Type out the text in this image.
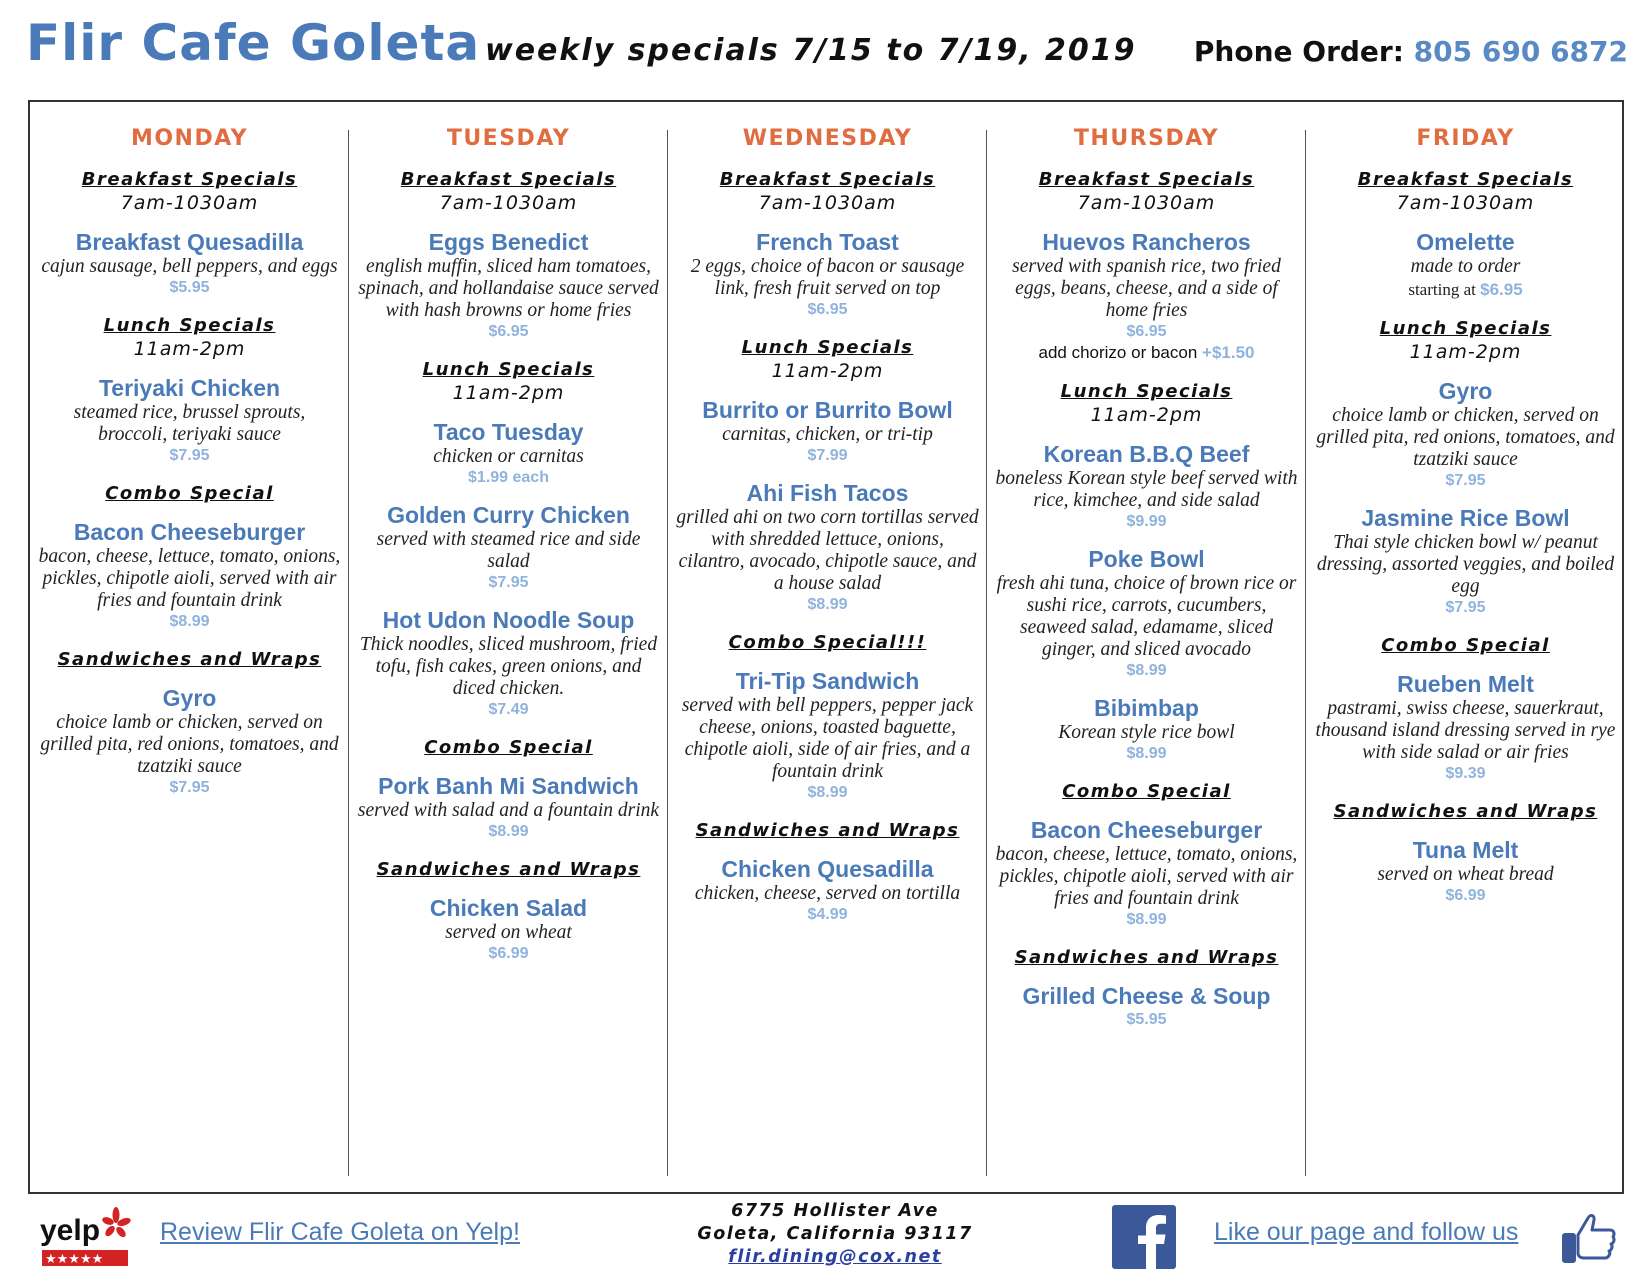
Flir Cafe Goleta weekly specials 7/15 to 7/19, 2019 Phone Order: 805 690 6872
MONDAY
Breakfast Specials
7am-1030am
Breakfast Quesadilla
cajun sausage, bell peppers, and eggs
$5.95
Lunch Specials
11am-2pm
Teriyaki Chicken
steamed rice, brussel sprouts, broccoli, teriyaki sauce
$7.95
Combo Special
Bacon Cheeseburger
bacon, cheese, lettuce, tomato, onions, pickles, chipotle aioli, served with air fries and fountain drink
$8.99
Sandwiches and Wraps
Gyro
choice lamb or chicken, served on grilled pita, red onions, tomatoes, and tzatziki sauce
$7.95
TUESDAY
Breakfast Specials
7am-1030am
Eggs Benedict
english muffin, sliced ham tomatoes, spinach, and hollandaise sauce served with hash browns or home fries
$6.95
Lunch Specials
11am-2pm
Taco Tuesday
chicken or carnitas
$1.99 each
Golden Curry Chicken
served with steamed rice and side salad
$7.95
Hot Udon Noodle Soup
Thick noodles, sliced mushroom, fried tofu, fish cakes, green onions, and diced chicken.
$7.49
Combo Special
Pork Banh Mi Sandwich
served with salad and a fountain drink
$8.99
Sandwiches and Wraps
Chicken Salad
served on wheat
$6.99
WEDNESDAY
Breakfast Specials
7am-1030am
French Toast
2 eggs, choice of bacon or sausage link, fresh fruit served on top
$6.95
Lunch Specials
11am-2pm
Burrito or Burrito Bowl
carnitas, chicken, or tri-tip
$7.99
Ahi Fish Tacos
grilled ahi on two corn tortillas served with shredded lettuce, onions, cilantro, avocado, chipotle sauce, and a house salad
$8.99
Combo Special!!!
Tri-Tip Sandwich
served with bell peppers, pepper jack cheese, onions, toasted baguette, chipotle aioli, side of air fries, and a fountain drink
$8.99
Sandwiches and Wraps
Chicken Quesadilla
chicken, cheese, served on tortilla
$4.99
THURSDAY
Breakfast Specials
7am-1030am
Huevos Rancheros
served with spanish rice, two fried eggs, beans, cheese, and a side of home fries
$6.95
add chorizo or bacon +$1.50
Lunch Specials
11am-2pm
Korean B.B.Q Beef
boneless Korean style beef served with rice, kimchee, and side salad
$9.99
Poke Bowl
fresh ahi tuna, choice of brown rice or sushi rice, carrots, cucumbers, seaweed salad, edamame, sliced ginger, and sliced avocado
$8.99
Bibimbap
Korean style rice bowl
$8.99
Combo Special
Bacon Cheeseburger
bacon, cheese, lettuce, tomato, onions, pickles, chipotle aioli, served with air fries and fountain drink
$8.99
Sandwiches and Wraps
Grilled Cheese & Soup
$5.95
FRIDAY
Breakfast Specials
7am-1030am
Omelette
made to order
starting at $6.95
Lunch Specials
11am-2pm
Gyro
choice lamb or chicken, served on grilled pita, red onions, tomatoes, and tzatziki sauce
$7.95
Jasmine Rice Bowl
Thai style chicken bowl w/ peanut dressing, assorted veggies, and boiled egg
$7.95
Combo Special
Rueben Melt
pastrami, swiss cheese, sauerkraut, thousand island dressing served in rye with side salad or air fries
$9.39
Sandwiches and Wraps
Tuna Melt
served on wheat bread
$6.99
yelp
★★★★★
Review Flir Cafe Goleta on Yelp!
6775 Hollister Ave
Goleta, California 93117
flir.dining@cox.net
Like our page and follow us
